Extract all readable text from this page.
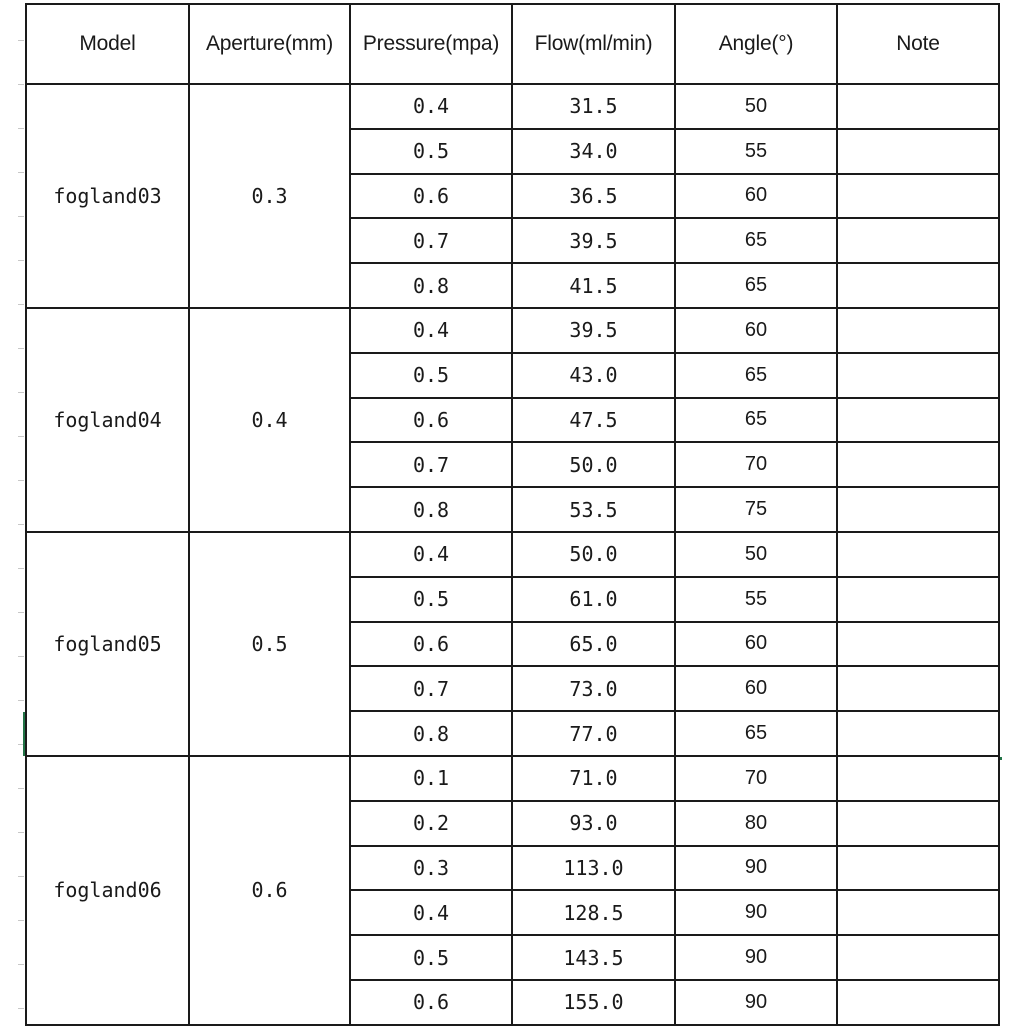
Model	Aperture(mm)	Pressure(mpa)	Flow(ml/min)	Angle(°)	Note
fogland03	0.3	0.4	31.5	50	
		0.5	34.0	55	
		0.6	36.5	60	
		0.7	39.5	65	
		0.8	41.5	65	
fogland04	0.4	0.4	39.5	60	
		0.5	43.0	65	
		0.6	47.5	65	
		0.7	50.0	70	
		0.8	53.5	75	
fogland05	0.5	0.4	50.0	50	
		0.5	61.0	55	
		0.6	65.0	60	
		0.7	73.0	60	
		0.8	77.0	65	
fogland06	0.6	0.1	71.0	70	
		0.2	93.0	80	
		0.3	113.0	90	
		0.4	128.5	90	
		0.5	143.5	90	
		0.6	155.0	90	
